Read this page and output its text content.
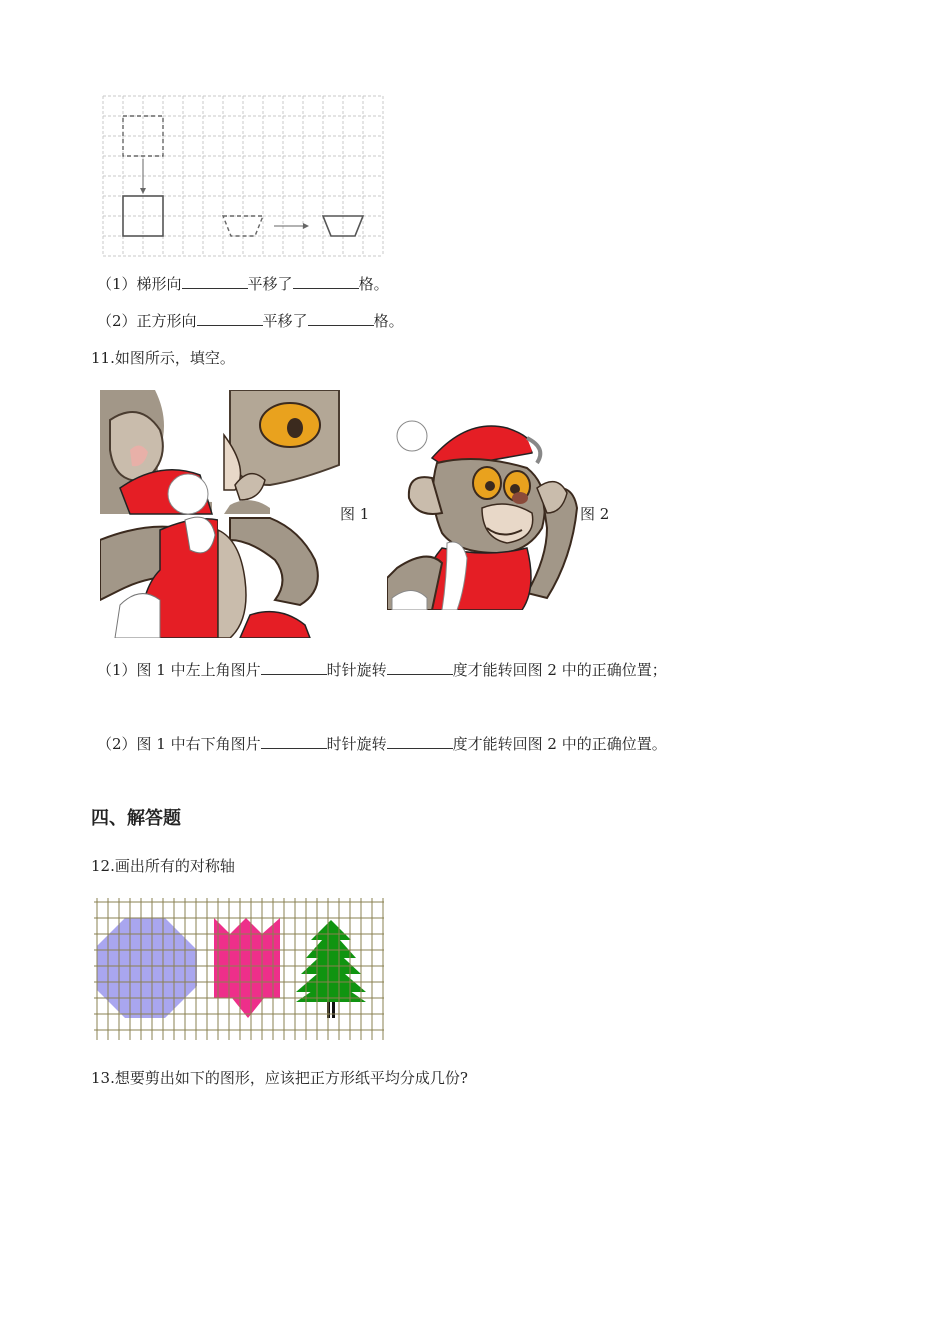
（1）梯形向	平移了	格。
（2）正方形向	平移了	格。
11.如图所示，填空。
图 1	图 2
（1）图 1 中左上角图片	时针旋转	度才能转回图 2 中的正确位置；
（2）图 1 中右下角图片	时针旋转	度才能转回图 2 中的正确位置。
四、解答题
12.画出所有的对称轴
13.想要剪出如下的图形，应该把正方形纸平均分成几份?
